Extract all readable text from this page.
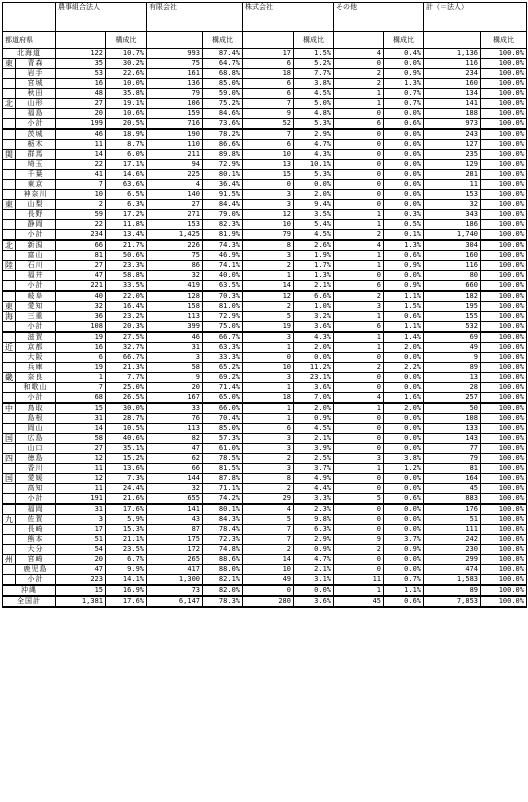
		農事組合法人		有限会社		株式会社		その他		計（＝法人）	
都道府県			構成比		構成比		構成比		構成比		構成比
北海道		122	10.7%	993	87.4%	17	1.5%	4	0.4%	1,136	100.0%
東	青森	35	30.2%	75	64.7%	6	5.2%	0	0.0%	116	100.0%
	岩手	53	22.6%	161	68.8%	18	7.7%	2	0.9%	234	100.0%
	宮城	16	10.0%	136	85.0%	6	3.8%	2	1.3%	160	100.0%
	秋田	48	35.8%	79	59.0%	6	4.5%	1	0.7%	134	100.0%
北	山形	27	19.1%	106	75.2%	7	5.0%	1	0.7%	141	100.0%
	福島	20	10.6%	159	84.6%	9	4.8%	0	0.0%	188	100.0%
	小計	199	20.5%	716	73.6%	52	5.3%	6	0.6%	973	100.0%
	茨城	46	18.9%	190	78.2%	7	2.9%	0	0.0%	243	100.0%
	栃木	11	8.7%	110	86.6%	6	4.7%	0	0.0%	127	100.0%
関	群馬	14	6.0%	211	89.8%	10	4.3%	0	0.0%	235	100.0%
	埼玉	22	17.1%	94	72.9%	13	10.1%	0	0.0%	129	100.0%
	千葉	41	14.6%	225	80.1%	15	5.3%	0	0.0%	281	100.0%
	東京	7	63.6%	4	36.4%	0	0.0%	0	0.0%	11	100.0%
	神奈川	10	6.5%	140	91.5%	3	2.0%	0	0.0%	153	100.0%
東	山梨	2	6.3%	27	84.4%	3	9.4%	0	0.0%	32	100.0%
	長野	59	17.2%	271	79.0%	12	3.5%	1	0.3%	343	100.0%
	静岡	22	11.8%	153	82.3%	10	5.4%	1	0.5%	186	100.0%
	小計	234	13.4%	1,425	81.9%	79	4.5%	2	0.1%	1,740	100.0%
北	新潟	66	21.7%	226	74.3%	8	2.6%	4	1.3%	304	100.0%
	富山	81	50.6%	75	46.9%	3	1.9%	1	0.6%	160	100.0%
陸	石川	27	23.3%	86	74.1%	2	1.7%	1	0.9%	116	100.0%
	福井	47	58.8%	32	40.0%	1	1.3%	0	0.0%	80	100.0%
	小計	221	33.5%	419	63.5%	14	2.1%	6	0.9%	660	100.0%
	岐阜	40	22.0%	128	70.3%	12	6.6%	2	1.1%	182	100.0%
東	愛知	32	16.4%	158	81.0%	2	1.0%	3	1.5%	195	100.0%
海	三重	36	23.2%	113	72.9%	5	3.2%	1	0.6%	155	100.0%
	小計	108	20.3%	399	75.0%	19	3.6%	6	1.1%	532	100.0%
	滋賀	19	27.5%	46	66.7%	3	4.3%	1	1.4%	69	100.0%
近	京都	16	32.7%	31	63.3%	1	2.0%	1	2.0%	49	100.0%
	大阪	6	66.7%	3	33.3%	0	0.0%	0	0.0%	9	100.0%
	兵庫	19	21.3%	58	65.2%	10	11.2%	2	2.2%	89	100.0%
畿	奈良	1	7.7%	9	69.2%	3	23.1%	0	0.0%	13	100.0%
	和歌山	7	25.0%	20	71.4%	1	3.6%	0	0.0%	28	100.0%
	小計	68	26.5%	167	65.0%	18	7.0%	4	1.6%	257	100.0%
中	鳥取	15	30.0%	33	66.0%	1	2.0%	1	2.0%	50	100.0%
	島根	31	28.7%	76	70.4%	1	0.9%	0	0.0%	108	100.0%
	岡山	14	10.5%	113	85.0%	6	4.5%	0	0.0%	133	100.0%
国	広島	58	40.6%	82	57.3%	3	2.1%	0	0.0%	143	100.0%
	山口	27	35.1%	47	61.0%	3	3.9%	0	0.0%	77	100.0%
四	徳島	12	15.2%	62	78.5%	2	2.5%	3	3.8%	79	100.0%
	香川	11	13.6%	66	81.5%	3	3.7%	1	1.2%	81	100.0%
国	愛媛	12	7.3%	144	87.8%	8	4.9%	0	0.0%	164	100.0%
	高知	11	24.4%	32	71.1%	2	4.4%	0	0.0%	45	100.0%
	小計	191	21.6%	655	74.2%	29	3.3%	5	0.6%	883	100.0%
	福岡	31	17.6%	141	80.1%	4	2.3%	0	0.0%	176	100.0%
九	佐賀	3	5.9%	43	84.3%	5	9.8%	0	0.0%	51	100.0%
	長崎	17	15.3%	87	78.4%	7	6.3%	0	0.0%	111	100.0%
	熊本	51	21.1%	175	72.3%	7	2.9%	9	3.7%	242	100.0%
	大分	54	23.5%	172	74.8%	2	0.9%	2	0.9%	230	100.0%
州	宮崎	20	6.7%	265	88.6%	14	4.7%	0	0.0%	299	100.0%
	鹿児島	47	9.9%	417	88.0%	10	2.1%	0	0.0%	474	100.0%
	小計	223	14.1%	1,300	82.1%	49	3.1%	11	0.7%	1,583	100.0%
沖縄		15	16.9%	73	82.0%	0	0.0%	1	1.1%	89	100.0%
全国計		1,381	17.6%	6,147	78.3%	280	3.6%	45	0.6%	7,853	100.0%
